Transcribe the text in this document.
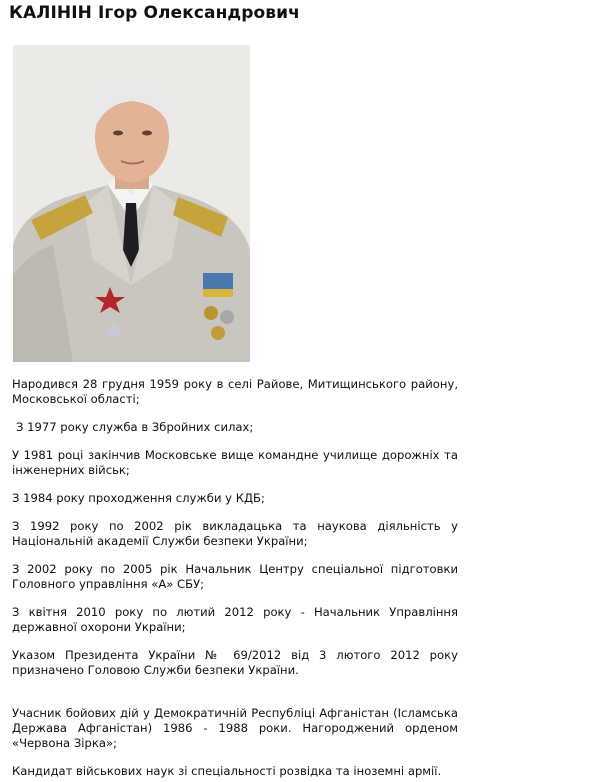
КАЛІНІН Ігор Олександрович

Народився 28 грудня 1959 року в селі Райове, Митищинського району, Московської області;

З 1977 року служба в Збройних силах;

У 1981 році закінчив Московське вище командне училище дорожніх та інженерних військ;

З 1984 року проходження служби у КДБ;

З 1992 року по 2002 рік викладацька та наукова діяльність у Національній академії Служби безпеки України;

З 2002 року по 2005 рік Начальник Центру спеціальної підготовки Головного управління «А» СБУ;

З квітня 2010 року по лютий 2012 року - Начальник Управління державної охорони України;

Указом Президента України № 69/2012 від 3 лютого 2012 року призначено Головою Служби безпеки України.

Учасник бойових дій у Демократичній Республіці Афганістан (Ісламська Держава Афганістан) 1986 - 1988 роки. Нагороджений орденом «Червона Зірка»;

Кандидат військових наук зі спеціальності розвідка та іноземні армії.
